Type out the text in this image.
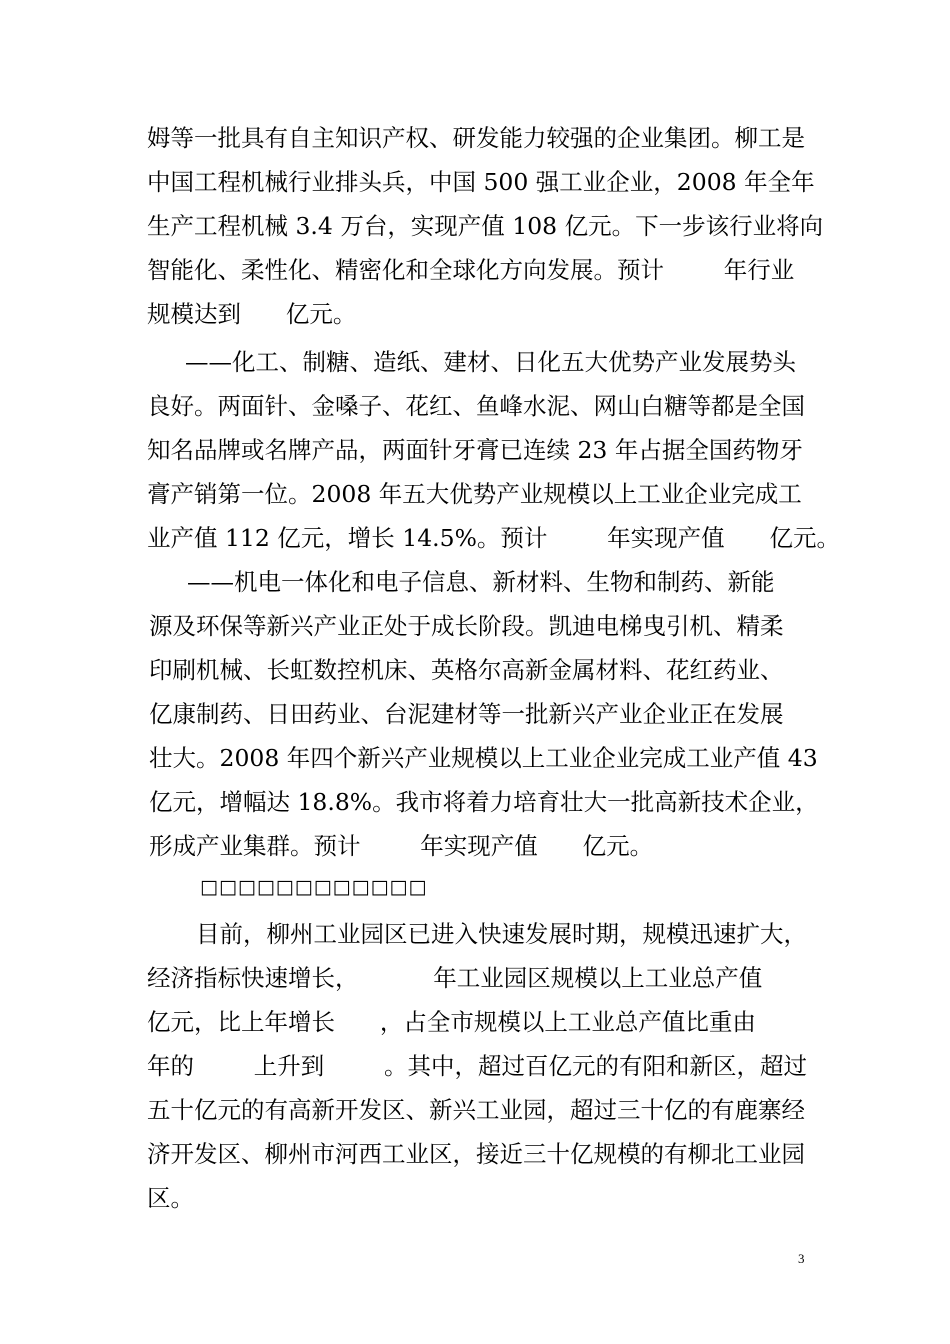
姆等一批具有自主知识产权、研发能力较强的企业集团。柳工是
中国工程机械行业排头兵，中国 500 强工业企业，2008 年全年
生产工程机械 3.4 万台，实现产值 108 亿元。下一步该行业将向
智能化、柔性化、精密化和全球化方向发展。预计        年行业
规模达到      亿元。
——化工、制糖、造纸、建材、日化五大优势产业发展势头
良好。两面针、金嗓子、花红、鱼峰水泥、网山白糖等都是全国
知名品牌或名牌产品，两面针牙膏已连续 23 年占据全国药物牙
膏产销第一位。2008 年五大优势产业规模以上工业企业完成工
业产值 112 亿元，增长 14.5%。预计        年实现产值      亿元。
——机电一体化和电子信息、新材料、生物和制药、新能
源及环保等新兴产业正处于成长阶段。凯迪电梯曳引机、精柔
印刷机械、长虹数控机床、英格尔高新金属材料、花红药业、
亿康制药、日田药业、台泥建材等一批新兴产业企业正在发展
壮大。2008 年四个新兴产业规模以上工业企业完成工业产值 43
亿元，增幅达 18.8%。我市将着力培育壮大一批高新技术企业，
形成产业集群。预计        年实现产值      亿元。
□□□□□□□□□□□□
目前，柳州工业园区已进入快速发展时期，规模迅速扩大，
经济指标快速增长，          年工业园区规模以上工业总产值
亿元，比上年增长      ，占全市规模以上工业总产值比重由
年的        上升到        。其中，超过百亿元的有阳和新区，超过
五十亿元的有高新开发区、新兴工业园，超过三十亿的有鹿寨经
济开发区、柳州市河西工业区，接近三十亿规模的有柳北工业园
区。
3
